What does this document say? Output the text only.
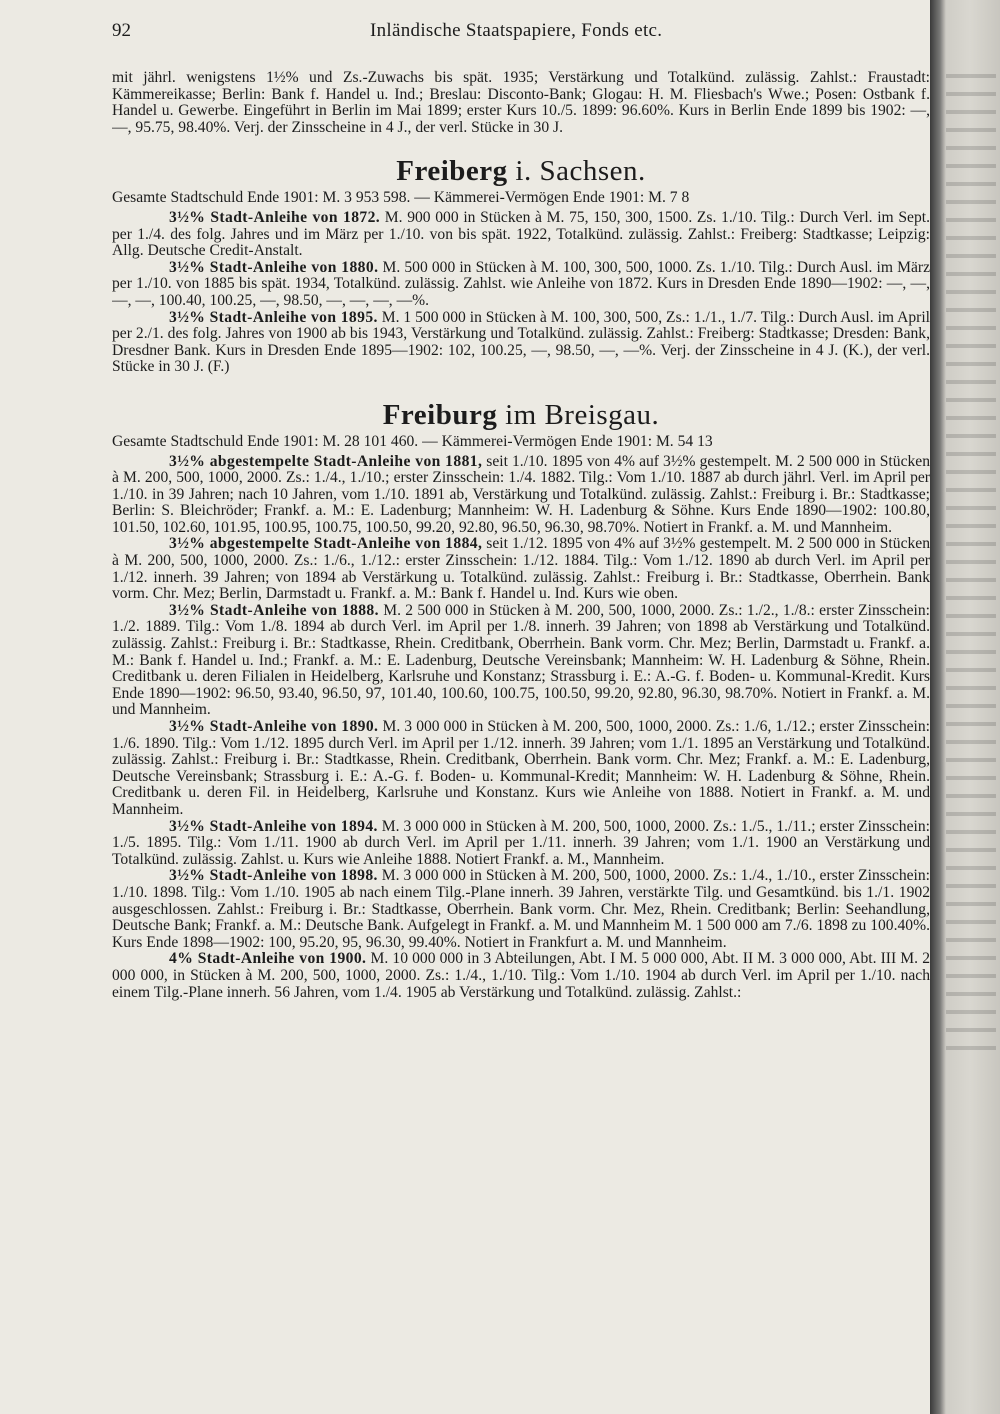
92	Inländische Staatspapiere, Fonds etc.

mit jährl. wenigstens 1½% und Zs.-Zuwachs bis spät. 1935; Verstärkung und Totalkünd. zulässig. Zahlst.: Fraustadt: Kämmereikasse; Berlin: Bank f. Handel u. Ind.; Breslau: Disconto-Bank; Glogau: H. M. Fliesbach's Wwe.; Posen: Ostbank f. Handel u. Gewerbe. Eingeführt in Berlin im Mai 1899; erster Kurs 10./5. 1899: 96.60%. Kurs in Berlin Ende 1899 bis 1902: —, —, 95.75, 98.40%. Verj. der Zinsscheine in 4 J., der verl. Stücke in 30 J.

Freiberg i. Sachsen.

Gesamte Stadtschuld Ende 1901: M. 3 953 598. — Kämmerei-Vermögen Ende 1901: M. 7 8

3½% Stadt-Anleihe von 1872. M. 900 000 in Stücken à M. 75, 150, 300, 1500. Zs. 1./10. Tilg.: Durch Verl. im Sept. per 1./4. des folg. Jahres und im März per 1./10. von bis spät. 1922, Totalkünd. zulässig. Zahlst.: Freiberg: Stadtkasse; Leipzig: Allg. Deutsche Credit-Anstalt.

3½% Stadt-Anleihe von 1880. M. 500 000 in Stücken à M. 100, 300, 500, 1000. Zs. 1./10. Tilg.: Durch Ausl. im März per 1./10. von 1885 bis spät. 1934, Totalkünd. zulässig. Zahlst. wie Anleihe von 1872. Kurs in Dresden Ende 1890—1902: —, —, —, —, 100.40, 100.25, —, 98.50, —, —, —, —%.

3½% Stadt-Anleihe von 1895. M. 1 500 000 in Stücken à M. 100, 300, 500, Zs.: 1./1., 1./7. Tilg.: Durch Ausl. im April per 2./1. des folg. Jahres von 1900 ab bis 1943, Verstärkung und Totalkünd. zulässig. Zahlst.: Freiberg: Stadtkasse; Dresden: Bank, Dresdner Bank. Kurs in Dresden Ende 1895—1902: 102, 100.25, —, 98.50, —, —%. Verj. der Zinsscheine in 4 J. (K.), der verl. Stücke in 30 J. (F.)

Freiburg im Breisgau.

Gesamte Stadtschuld Ende 1901: M. 28 101 460. — Kämmerei-Vermögen Ende 1901: M. 54 13

3½% abgestempelte Stadt-Anleihe von 1881, seit 1./10. 1895 von 4% auf 3½% gestempelt. M. 2 500 000 in Stücken à M. 200, 500, 1000, 2000. Zs.: 1./4., 1./10.; erster Zinsschein: 1./4. 1882. Tilg.: Vom 1./10. 1887 ab durch jährl. Verl. im April per 1./10. in 39 Jahren; nach 10 Jahren, vom 1./10. 1891 ab, Verstärkung und Totalkünd. zulässig. Zahlst.: Freiburg i. Br.: Stadtkasse; Berlin: S. Bleichröder; Frankf. a. M.: E. Ladenburg; Mannheim: W. H. Ladenburg & Söhne. Kurs Ende 1890—1902: 100.80, 101.50, 102.60, 101.95, 100.95, 100.75, 100.50, 99.20, 92.80, 96.50, 96.30, 98.70%. Notiert in Frankf. a. M. und Mannheim.

3½% abgestempelte Stadt-Anleihe von 1884, seit 1./12. 1895 von 4% auf 3½% gestempelt. M. 2 500 000 in Stücken à M. 200, 500, 1000, 2000. Zs.: 1./6., 1./12.: erster Zinsschein: 1./12. 1884. Tilg.: Vom 1./12. 1890 ab durch Verl. im April per 1./12. innerh. 39 Jahren; von 1894 ab Verstärkung u. Totalkünd. zulässig. Zahlst.: Freiburg i. Br.: Stadtkasse, Oberrhein. Bank vorm. Chr. Mez; Berlin, Darmstadt u. Frankf. a. M.: Bank f. Handel u. Ind. Kurs wie oben.

3½% Stadt-Anleihe von 1888. M. 2 500 000 in Stücken à M. 200, 500, 1000, 2000. Zs.: 1./2., 1./8.: erster Zinsschein: 1./2. 1889. Tilg.: Vom 1./8. 1894 ab durch Verl. im April per 1./8. innerh. 39 Jahren; von 1898 ab Verstärkung und Totalkünd. zulässig. Zahlst.: Freiburg i. Br.: Stadtkasse, Rhein. Creditbank, Oberrhein. Bank vorm. Chr. Mez; Berlin, Darmstadt u. Frankf. a. M.: Bank f. Handel u. Ind.; Frankf. a. M.: E. Ladenburg, Deutsche Vereinsbank; Mannheim: W. H. Ladenburg & Söhne, Rhein. Creditbank u. deren Filialen in Heidelberg, Karlsruhe und Konstanz; Strassburg i. E.: A.-G. f. Boden- u. Kommunal-Kredit. Kurs Ende 1890—1902: 96.50, 93.40, 96.50, 97, 101.40, 100.60, 100.75, 100.50, 99.20, 92.80, 96.30, 98.70%. Notiert in Frankf. a. M. und Mannheim.

3½% Stadt-Anleihe von 1890. M. 3 000 000 in Stücken à M. 200, 500, 1000, 2000. Zs.: 1./6, 1./12.; erster Zinsschein: 1./6. 1890. Tilg.: Vom 1./12. 1895 durch Verl. im April per 1./12. innerh. 39 Jahren; vom 1./1. 1895 an Verstärkung und Totalkünd. zulässig. Zahlst.: Freiburg i. Br.: Stadtkasse, Rhein. Creditbank, Oberrhein. Bank vorm. Chr. Mez; Frankf. a. M.: E. Ladenburg, Deutsche Vereinsbank; Strassburg i. E.: A.-G. f. Boden- u. Kommunal-Kredit; Mannheim: W. H. Ladenburg & Söhne, Rhein. Creditbank u. deren Fil. in Heidelberg, Karlsruhe und Konstanz. Kurs wie Anleihe von 1888. Notiert in Frankf. a. M. und Mannheim.

3½% Stadt-Anleihe von 1894. M. 3 000 000 in Stücken à M. 200, 500, 1000, 2000. Zs.: 1./5., 1./11.; erster Zinsschein: 1./5. 1895. Tilg.: Vom 1./11. 1900 ab durch Verl. im April per 1./11. innerh. 39 Jahren; vom 1./1. 1900 an Verstärkung und Totalkünd. zulässig. Zahlst. u. Kurs wie Anleihe 1888. Notiert Frankf. a. M., Mannheim.

3½% Stadt-Anleihe von 1898. M. 3 000 000 in Stücken à M. 200, 500, 1000, 2000. Zs.: 1./4., 1./10., erster Zinsschein: 1./10. 1898. Tilg.: Vom 1./10. 1905 ab nach einem Tilg.-Plane innerh. 39 Jahren, verstärkte Tilg. und Gesamtkünd. bis 1./1. 1902 ausgeschlossen. Zahlst.: Freiburg i. Br.: Stadtkasse, Oberrhein. Bank vorm. Chr. Mez, Rhein. Creditbank; Berlin: Seehandlung, Deutsche Bank; Frankf. a. M.: Deutsche Bank. Aufgelegt in Frankf. a. M. und Mannheim M. 1 500 000 am 7./6. 1898 zu 100.40%. Kurs Ende 1898—1902: 100, 95.20, 95, 96.30, 99.40%. Notiert in Frankfurt a. M. und Mannheim.

4% Stadt-Anleihe von 1900. M. 10 000 000 in 3 Abteilungen, Abt. I M. 5 000 000, Abt. II M. 3 000 000, Abt. III M. 2 000 000, in Stücken à M. 200, 500, 1000, 2000. Zs.: 1./4., 1./10. Tilg.: Vom 1./10. 1904 ab durch Verl. im April per 1./10. nach einem Tilg.-Plane innerh. 56 Jahren, vom 1./4. 1905 ab Verstärkung und Totalkünd. zulässig. Zahlst.:
